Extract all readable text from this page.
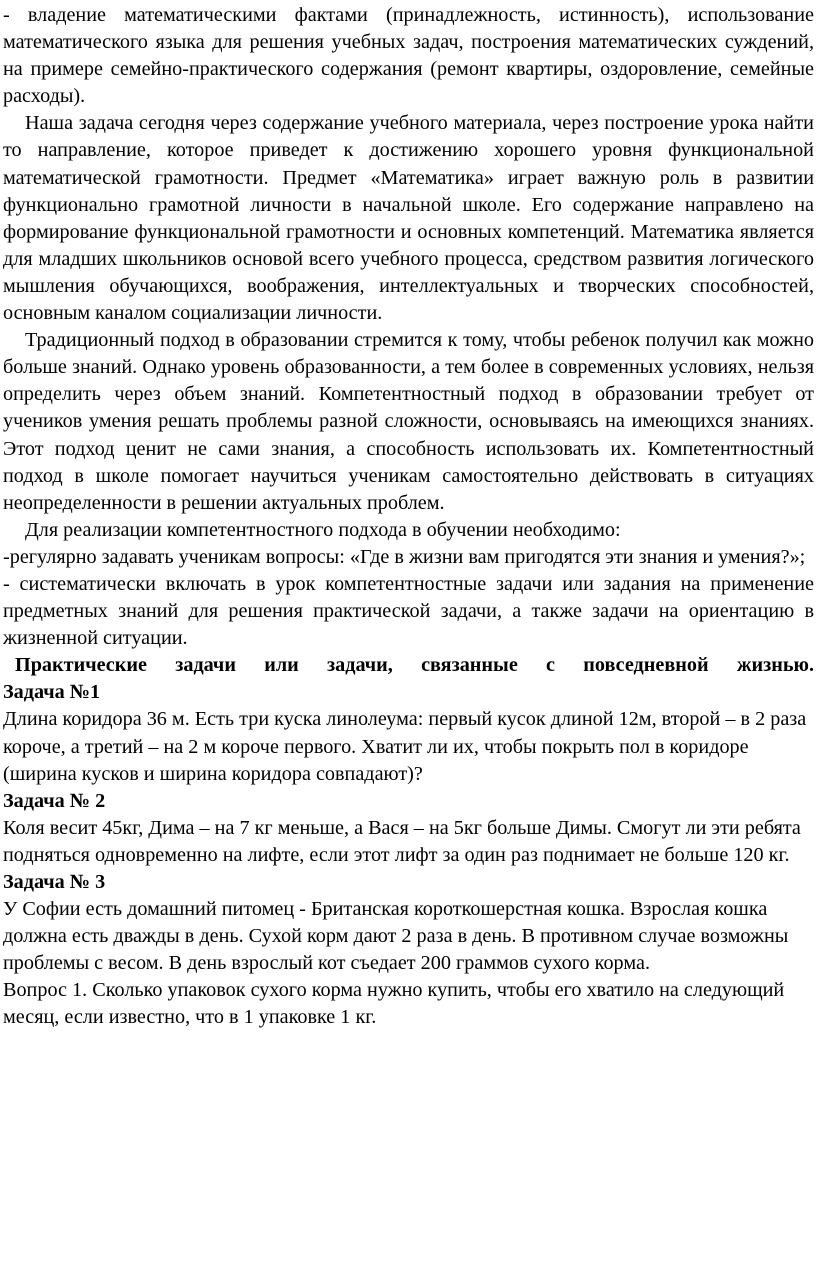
- владение математическими фактами (принадлежность, истинность), использование математического языка для решения учебных задач, построения математических суждений, на примере семейно-практического содержания (ремонт квартиры, оздоровление, семейные расходы).

Наша задача сегодня через содержание учебного материала, через построение урока найти то направление, которое приведет к достижению хорошего уровня функциональной математической грамотности. Предмет «Математика» играет важную роль в развитии функционально грамотной личности в начальной школе. Его содержание направлено на формирование функциональной грамотности и основных компетенций. Математика является для младших школьников основой всего учебного процесса, средством развития логического мышления обучающихся, воображения, интеллектуальных и творческих способностей, основным каналом социализации личности.

Традиционный подход в образовании стремится к тому, чтобы ребенок получил как можно больше знаний. Однако уровень образованности, а тем более в современных условиях, нельзя определить через объем знаний. Компетентностный подход в образовании требует от учеников умения решать проблемы разной сложности, основываясь на имеющихся знаниях. Этот подход ценит не сами знания, а способность использовать их. Компетентностный подход в школе помогает научиться ученикам самостоятельно действовать в ситуациях неопределенности в решении актуальных проблем.

Для реализации компетентностного подхода в обучении необходимо:

-регулярно задавать ученикам вопросы: «Где в жизни вам пригодятся эти знания и умения?»;

- систематически включать в урок компетентностные задачи или задания на применение предметных знаний для решения практической задачи, а также задачи на ориентацию в жизненной ситуации.

Практические задачи или задачи, связанные с повседневной жизнью.

Задача №1

Длина коридора 36 м. Есть три куска линолеума: первый кусок длиной 12м, второй – в 2 раза короче, а третий – на 2 м короче первого. Хватит ли их, чтобы покрыть пол в коридоре (ширина кусков и ширина коридора совпадают)?

Задача № 2

Коля весит 45кг, Дима – на 7 кг меньше, а Вася – на 5кг больше Димы. Смогут ли эти ребята подняться одновременно на лифте, если этот лифт за один раз поднимает не больше 120 кг.

Задача № 3

У Софии есть домашний питомец - Британская короткошерстная кошка. Взрослая кошка должна есть дважды в день. Сухой корм дают 2 раза в день. В противном случае возможны проблемы с весом. В день взрослый кот съедает 200 граммов сухого корма.

Вопрос 1. Сколько упаковок сухого корма нужно купить, чтобы его хватило на следующий месяц, если известно, что в 1 упаковке 1 кг.
